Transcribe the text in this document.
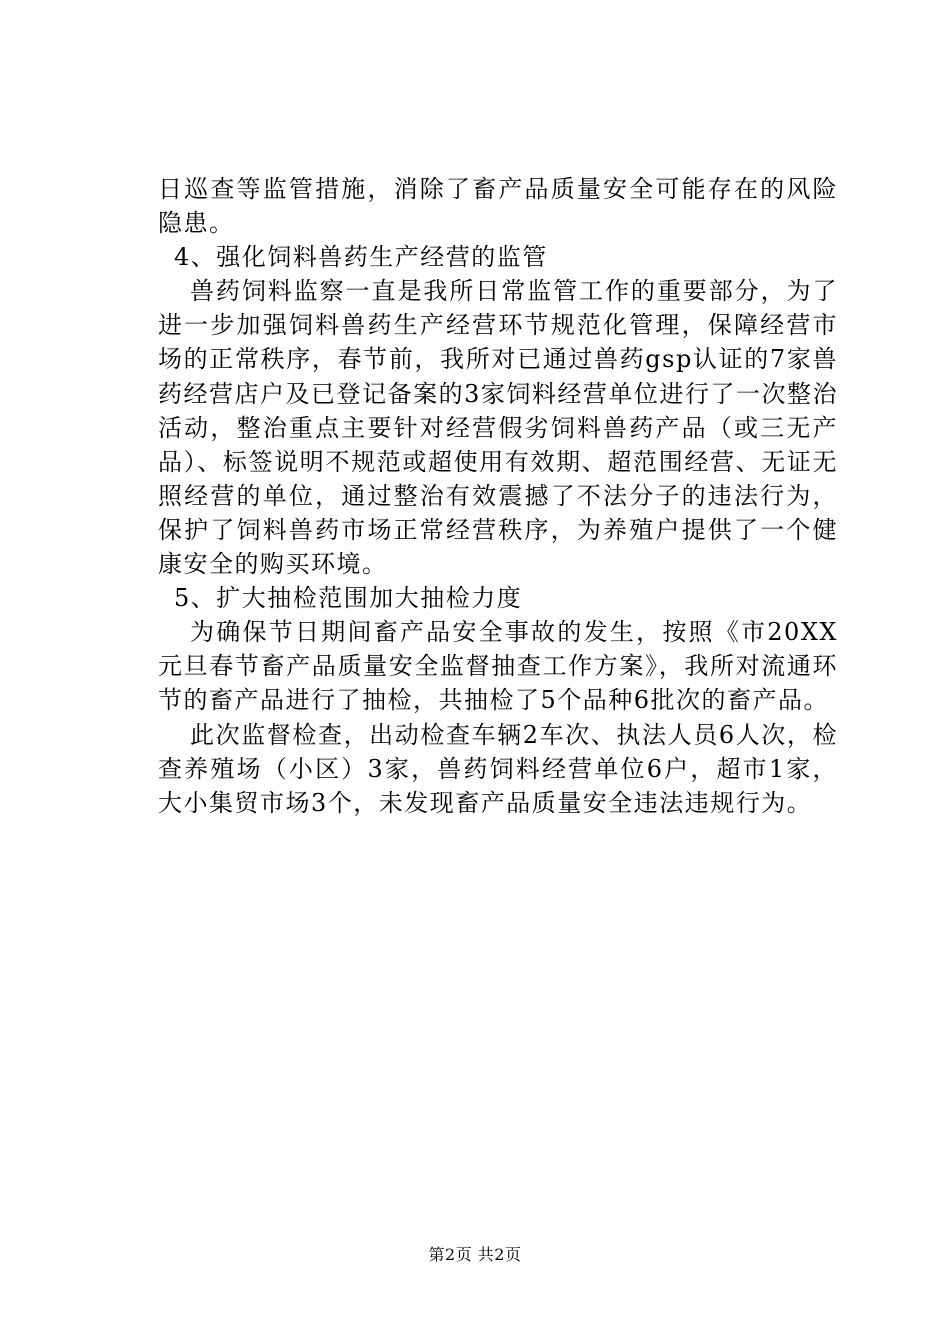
日巡查等监管措施，消除了畜产品质量安全可能存在的风险隐患。

4、强化饲料兽药生产经营的监管

兽药饲料监察一直是我所日常监管工作的重要部分，为了进一步加强饲料兽药生产经营环节规范化管理，保障经营市场的正常秩序，春节前，我所对已通过兽药gsp认证的7家兽药经营店户及已登记备案的3家饲料经营单位进行了一次整治活动，整治重点主要针对经营假劣饲料兽药产品（或三无产品）、标签说明不规范或超使用有效期、超范围经营、无证无照经营的单位，通过整治有效震撼了不法分子的违法行为，保护了饲料兽药市场正常经营秩序，为养殖户提供了一个健康安全的购买环境。

5、扩大抽检范围加大抽检力度

为确保节日期间畜产品安全事故的发生，按照《市20XX元旦春节畜产品质量安全监督抽查工作方案》，我所对流通环节的畜产品进行了抽检，共抽检了5个品种6批次的畜产品。

此次监督检查，出动检查车辆2车次、执法人员6人次，检查养殖场（小区）3家，兽药饲料经营单位6户，超市1家，大小集贸市场3个，未发现畜产品质量安全违法违规行为。

第2页 共2页
